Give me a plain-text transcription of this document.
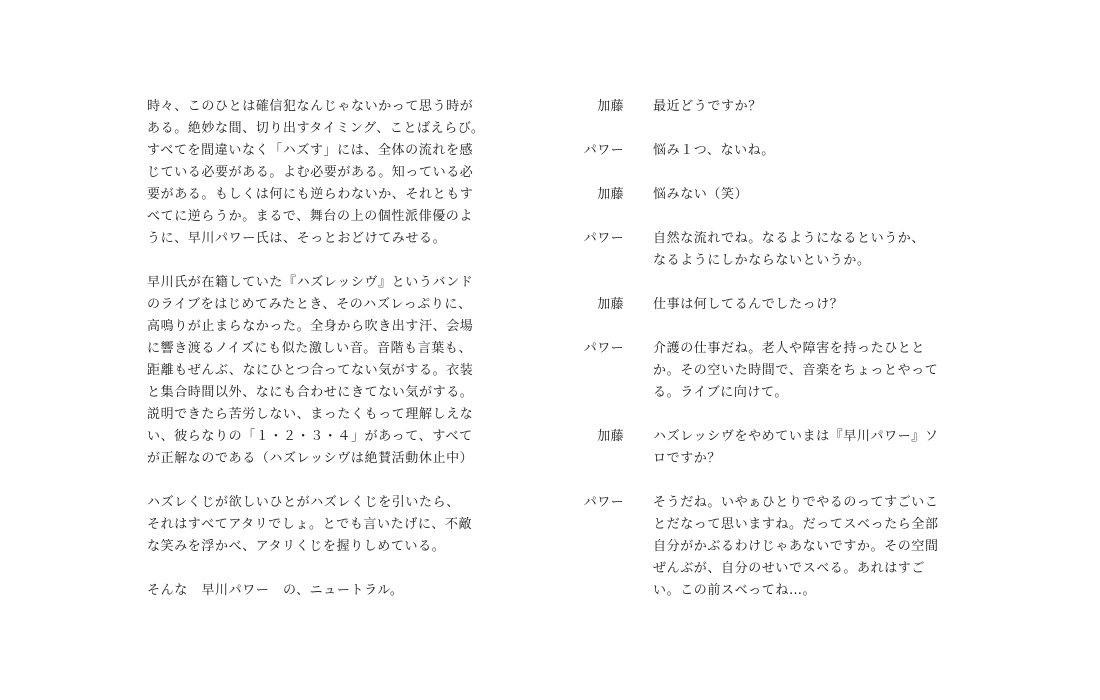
時々、このひとは確信犯なんじゃないかって思う時が
ある。絶妙な間、切り出すタイミング、ことばえらび。
すべてを間違いなく「ハズす」には、全体の流れを感
じている必要がある。よむ必要がある。知っている必
要がある。もしくは何にも逆らわないか、それともす
べてに逆らうか。まるで、舞台の上の個性派俳優のよ
うに、早川パワー氏は、そっとおどけてみせる。

早川氏が在籍していた『ハズレッシヴ』というバンド
のライブをはじめてみたとき、そのハズレっぷりに、
高鳴りが止まらなかった。全身から吹き出す汗、会場
に響き渡るノイズにも似た激しい音。音階も言葉も、
距離もぜんぶ、なにひとつ合ってない気がする。衣装
と集合時間以外、なにも合わせにきてない気がする。
説明できたら苦労しない、まったくもって理解しえな
い、彼らなりの「１・２・３・４」があって、すべて
が正解なのである（ハズレッシヴは絶賛活動休止中）

ハズレくじが欲しいひとがハズレくじを引いたら、
それはすべてアタリでしょ。とでも言いたげに、不敵
な笑みを浮かべ、アタリくじを握りしめている。

そんな　早川パワー　の、ニュートラル。

加藤 最近どうですか？
パワー 悩み１つ、ないね。
加藤 悩みない（笑）
パワー 自然な流れでね。なるようになるというか、
なるようにしかならないというか。
加藤 仕事は何してるんでしたっけ？
パワー 介護の仕事だね。老人や障害を持ったひとと
か。その空いた時間で、音楽をちょっとやって
る。ライブに向けて。
加藤 ハズレッシヴをやめていまは『早川パワー』ソ
ロですか？
パワー そうだね。いやぁひとりでやるのってすごいこ
とだなって思いますね。だってスベったら全部
自分がかぶるわけじゃあないですか。その空間
ぜんぶが、自分のせいでスベる。あれはすご
い。この前スベってね…。
